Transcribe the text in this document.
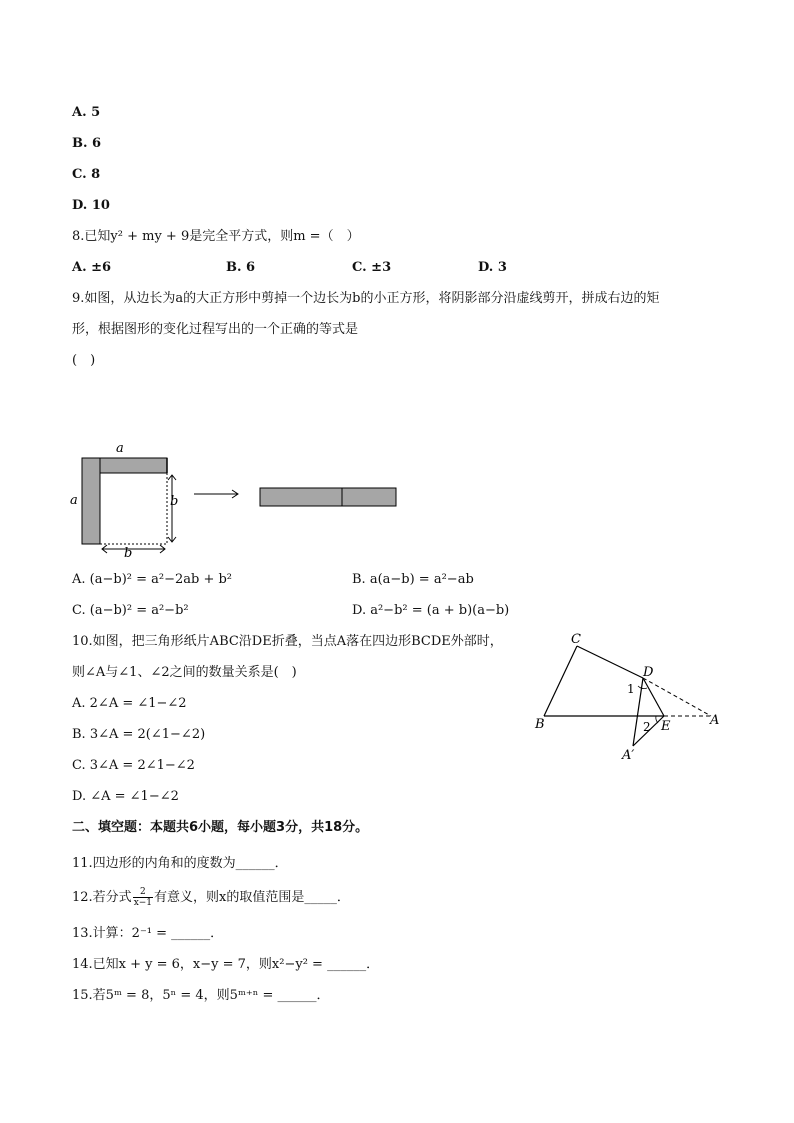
A. 5
B. 6
C. 8
D. 10
8.已知y² + my + 9是完全平方式，则m =（　）
A. ±6	B. 6	C. ±3	D. 3
9.如图，从边长为a的大正方形中剪掉一个边长为b的小正方形，将阴影部分沿虚线剪开，拼成右边的矩
形，根据图形的变化过程写出的一个正确的等式是
(　)
a
a	b
b
A. (a−b)² = a²−2ab + b²	B. a(a−b) = a²−ab
C. (a−b)² = a²−b²	D. a²−b² = (a + b)(a−b)
10.如图，把三角形纸片ABC沿DE折叠，当点A落在四边形BCDE外部时，
则∠A与∠1、∠2之间的数量关系是(　)
A. 2∠A = ∠1−∠2
B. 3∠A = 2(∠1−∠2)
C. 3∠A = 2∠1−∠2
D. ∠A = ∠1−∠2
C
D
B	E	A
A′
1
2
二、填空题：本题共6小题，每小题3分，共18分。
11.四边形的内角和的度数为______．
12.若分式 $\frac{2}{x-1}$ 有意义，则x的取值范围是_____．
13.计算：2⁻¹ = ______．
14.已知x + y = 6，x−y = 7，则x²−y² = ______．
15.若5ᵐ = 8，5ⁿ = 4，则5ᵐ⁺ⁿ = ______．
